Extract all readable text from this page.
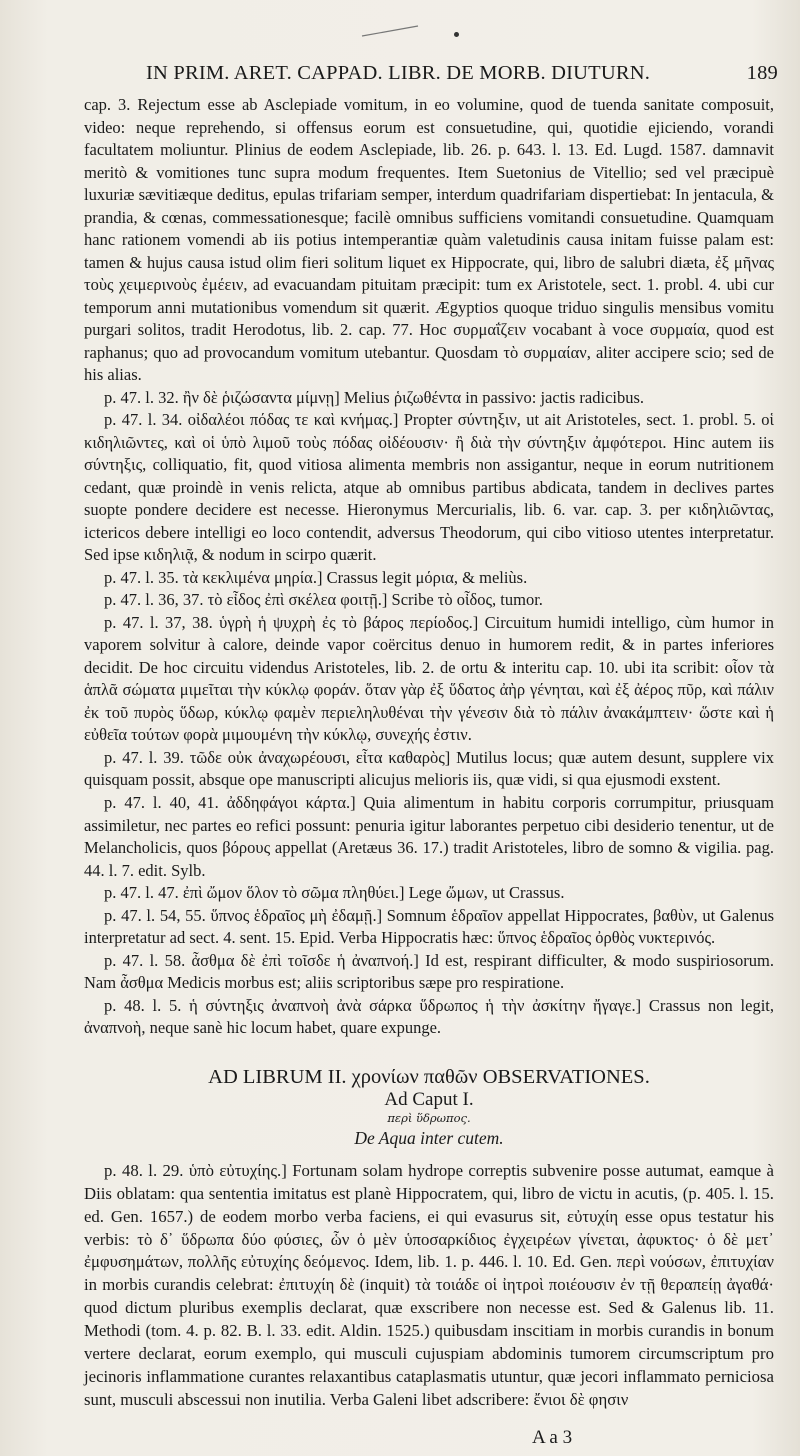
IN PRIM. ARET. CAPPAD. LIBR. DE MORB. DIUTURN.	189

cap. 3. Rejectum esse ab Asclepiade vomitum, in eo volumine, quod de tuenda sanitate composuit, video: neque reprehendo, si offensus eorum est consuetudine, qui, quotidie ejiciendo, vorandi facultatem moliuntur. Plinius de eodem Asclepiade, lib. 26. p. 643. l. 13. Ed. Lugd. 1587. damnavit meritò & vomitiones tunc supra modum frequentes. Item Suetonius de Vitellio; sed vel præcipuè luxuriæ sævitiæque deditus, epulas trifariam semper, interdum quadrifariam dispertiebat: In jentacula, & prandia, & cœnas, commessationesque; facilè omnibus sufficiens vomitandi consuetudine. Quamquam hanc rationem vomendi ab iis potius intemperantiæ quàm valetudinis causa initam fuisse palam est: tamen & hujus causa istud olim fieri solitum liquet ex Hippocrate, qui, libro de salubri diæta, ἐξ μῆνας τοὺς χειμερινοὺς ἐμέειν, ad evacuandam pituitam præcipit: tum ex Aristotele, sect. 1. probl. 4. ubi cur temporum anni mutationibus vomendum sit quærit. Ægyptios quoque triduo singulis mensibus vomitu purgari solitos, tradit Herodotus, lib. 2. cap. 77. Hoc συρμαΐζειν vocabant à voce συρμαία, quod est raphanus; quo ad provocandum vomitum utebantur. Quosdam τὸ συρμαίαν, aliter accipere scio; sed de his alias.

p. 47. l. 32. ἢν δὲ ῥιζώσαντα μίμνῃ] Melius ῥιζωθέντα in passivo: jactis radicibus.

p. 47. l. 34. οἰδαλέοι πόδας τε καὶ κνήμας.] Propter σύντηξιν, ut ait Aristoteles, sect. 1. probl. 5. οἱ κιδηλιῶντες, καὶ οἱ ὑπὸ λιμοῦ τοὺς πόδας οἰδέουσιν· ἢ διὰ τὴν σύντηξιν ἀμφότεροι. Hinc autem iis σύντηξις, colliquatio, fit, quod vitiosa alimenta membris non assigantur, neque in eorum nutritionem cedant, quæ proindè in venis relicta, atque ab omnibus partibus abdicata, tandem in declives partes suopte pondere decidere est necesse. Hieronymus Mercurialis, lib. 6. var. cap. 3. per κιδηλιῶντας, ictericos debere intelligi eo loco contendit, adversus Theodorum, qui cibo vitioso utentes interpretatur. Sed ipse κιδηλιᾷ, & nodum in scirpo quærit.

p. 47. l. 35. τὰ κεκλιμένα μηρία.] Crassus legit μόρια, & meliùs.

p. 47. l. 36, 37. τὸ εἶδος ἐπὶ σκέλεα φοιτῇ.] Scribe τὸ οἶδος, tumor.

p. 47. l. 37, 38. ὑγρὴ ἡ ψυχρὴ ἐς τὸ βάρος περίοδος.] Circuitum humidi intelligo, cùm humor in vaporem solvitur à calore, deinde vapor coërcitus denuo in humorem redit, & in partes inferiores decidit. De hoc circuitu videndus Aristoteles, lib. 2. de ortu & interitu cap. 10. ubi ita scribit: οἷον τὰ ἁπλᾶ σώματα μιμεῖται τὴν κύκλῳ φοράν. ὅταν γὰρ ἐξ ὕδατος ἀὴρ γένηται, καὶ ἐξ ἀέρος πῦρ, καὶ πάλιν ἐκ τοῦ πυρὸς ὕδωρ, κύκλῳ φαμὲν περιεληλυθέναι τὴν γένεσιν διὰ τὸ πάλιν ἀνακάμπτειν· ὥστε καὶ ἡ εὐθεῖα τούτων φορὰ μιμουμένη τὴν κύκλῳ, συνεχής ἐστιν.

p. 47. l. 39. τῶδε οὐκ ἀναχωρέουσι, εἶτα καθαρὸς] Mutilus locus; quæ autem desunt, supplere vix quisquam possit, absque ope manuscripti alicujus melioris iis, quæ vidi, si qua ejusmodi exstent.

p. 47. l. 40, 41. ἀδδηφάγοι κάρτα.] Quia alimentum in habitu corporis corrumpitur, priusquam assimiletur, nec partes eo refici possunt: penuria igitur laborantes perpetuo cibi desiderio tenentur, ut de Melancholicis, quos βόρους appellat (Aretæus 36. 17.) tradit Aristoteles, libro de somno & vigilia. pag. 44. l. 7. edit. Sylb.

p. 47. l. 47. ἐπὶ ὤμον ὅλον τὸ σῶμα πληθύει.] Lege ὤμων, ut Crassus.

p. 47. l. 54, 55. ὕπνος ἑδραῖος μὴ ἐδαμῇ.] Somnum ἑδραῖον appellat Hippocrates, βαθὺν, ut Galenus interpretatur ad sect. 4. sent. 15. Epid. Verba Hippocratis hæc: ὕπνος ἑδραῖος ὀρθὸς νυκτερινός.

p. 47. l. 58. ἆσθμα δὲ ἐπὶ τοῖσδε ἡ ἀναπνοή.] Id est, respirant difficulter, & modo suspiriosorum. Nam ἆσθμα Medicis morbus est; aliis scriptoribus sæpe pro respiratione.

p. 48. l. 5. ἡ σύντηξις ἀναπνοὴ ἀνὰ σάρκα ὕδρωπος ἡ τὴν ἀσκίτην ἤγαγε.] Crassus non legit, ἀναπνοὴ, neque sanè hic locum habet, quare expunge.

AD LIBRUM II. χρονίων παθῶν OBSERVATIONES.
Ad Caput I.
περὶ ὕδρωπος.
De Aqua inter cutem.

p. 48. l. 29. ὑπὸ εὐτυχίης.] Fortunam solam hydrope correptis subvenire posse autumat, eamque à Diis oblatam: qua sententia imitatus est planè Hippocratem, qui, libro de victu in acutis, (p. 405. l. 15. ed. Gen. 1657.) de eodem morbo verba faciens, ei qui evasurus sit, εὐτυχίη esse opus testatur his verbis: τὸ δ᾽ ὕδρωπα δύο φύσιες, ὧν ὁ μὲν ὑποσαρκίδιος ἐγχειρέων γίνεται, ἀφυκτος· ὁ δὲ μετ᾽ ἐμφυσημάτων, πολλῆς εὐτυχίης δεόμενος. Idem, lib. 1. p. 446. l. 10. Ed. Gen. περὶ νούσων, ἐπιτυχίαν in morbis curandis celebrat: ἐπιτυχίη δὲ (inquit) τὰ τοιάδε οἱ ἰητροὶ ποιέουσιν ἐν τῇ θεραπείῃ ἀγαθά· quod dictum pluribus exemplis declarat, quæ exscribere non necesse est. Sed & Galenus lib. 11. Methodi (tom. 4. p. 82. B. l. 33. edit. Aldin. 1525.) quibusdam inscitiam in morbis curandis in bonum vertere declarat, eorum exemplo, qui musculi cujuspiam abdominis tumorem circumscriptum pro jecinoris inflammatione curantes relaxantibus cataplasmatis utuntur, quæ jecori inflammato perniciosa sunt, musculi abscessui non inutilia. Verba Galeni libet adscribere: ἔνιοι δὲ φησιν

A a 3
